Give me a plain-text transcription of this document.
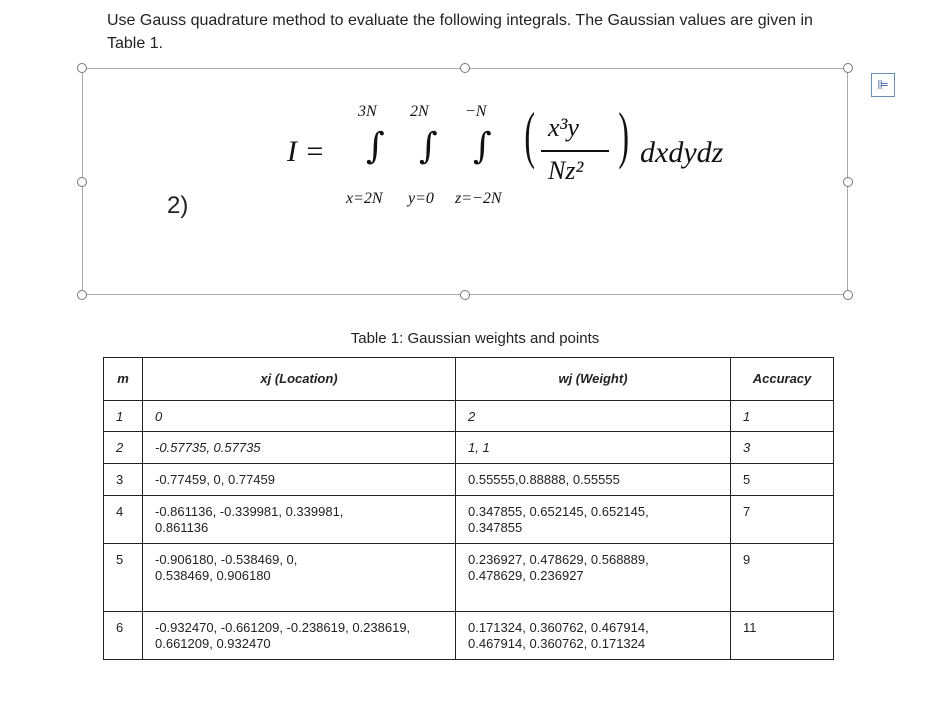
Use Gauss quadrature method to evaluate the following integrals. The Gaussian values are given in Table 1.
⊫
2)
I =
3N 2N −N
∫ ∫ ∫
x=2N y=0 z=−2N
( )
x³y
Nz²
dxdydz
Table 1: Gaussian weights and points
m	xj (Location)	wj (Weight)	Accuracy
1	0	2	1
2	-0.57735, 0.57735	1, 1	3
3	-0.77459, 0, 0.77459	0.55555,0.88888, 0.55555	5
4	-0.861136, -0.339981, 0.339981, 0.861136	0.347855, 0.652145, 0.652145, 0.347855	7
5	-0.906180, -0.538469, 0, 0.538469, 0.906180	0.236927, 0.478629, 0.568889, 0.478629, 0.236927	9
6	-0.932470, -0.661209, -0.238619, 0.238619, 0.661209, 0.932470	0.171324, 0.360762, 0.467914, 0.467914, 0.360762, 0.171324	11
